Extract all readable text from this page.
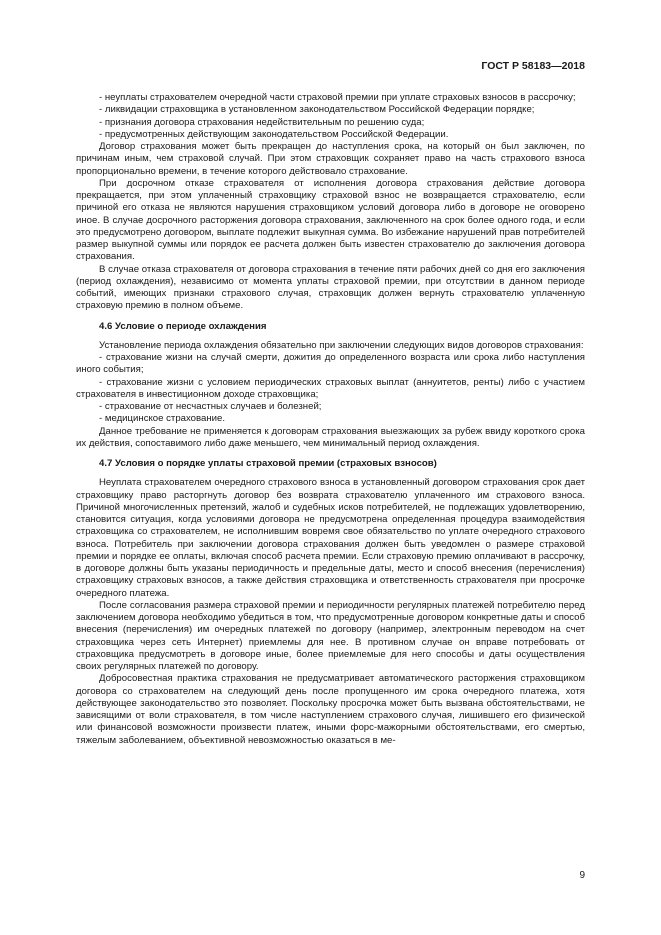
ГОСТ Р 58183—2018

- неуплаты страхователем очередной части страховой премии при уплате страховых взносов в рассрочку;

- ликвидации страховщика в установленном законодательством Российской Федерации порядке;

- признания договора страхования недействительным по решению суда;

- предусмотренных действующим законодательством Российской Федерации.

Договор страхования может быть прекращен до наступления срока, на который он был заключен, по причинам иным, чем страховой случай. При этом страховщик сохраняет право на часть страхового взноса пропорционально времени, в течение которого действовало страхование.

При досрочном отказе страхователя от исполнения договора страхования действие договора прекращается, при этом уплаченный страховщику страховой взнос не возвращается страхователю, если причиной его отказа не являются нарушения страховщиком условий договора либо в договоре не оговорено иное. В случае досрочного расторжения договора страхования, заключенного на срок более одного года, и если это предусмотрено договором, выплате подлежит выкупная сумма. Во избежание нарушений прав потребителей размер выкупной суммы или порядок ее расчета должен быть известен страхователю до заключения договора страхования.

В случае отказа страхователя от договора страхования в течение пяти рабочих дней со дня его заключения (период охлаждения), независимо от момента уплаты страховой премии, при отсутствии в данном периоде событий, имеющих признаки страхового случая, страховщик должен вернуть страхователю уплаченную страховую премию в полном объеме.

4.6 Условие о периоде охлаждения

Установление периода охлаждения обязательно при заключении следующих видов договоров страхования:

- страхование жизни на случай смерти, дожития до определенного возраста или срока либо наступления иного события;

- страхование жизни с условием периодических страховых выплат (аннуитетов, ренты) либо с участием страхователя в инвестиционном доходе страховщика;

- страхование от несчастных случаев и болезней;

- медицинское страхование.

Данное требование не применяется к договорам страхования выезжающих за рубеж ввиду короткого срока их действия, сопоставимого либо даже меньшего, чем минимальный период охлаждения.

4.7 Условия о порядке уплаты страховой премии (страховых взносов)

Неуплата страхователем очередного страхового взноса в установленный договором страхования срок дает страховщику право расторгнуть договор без возврата страхователю уплаченного им страхового взноса. Причиной многочисленных претензий, жалоб и судебных исков потребителей, не подлежащих удовлетворению, становится ситуация, когда условиями договора не предусмотрена определенная процедура взаимодействия страховщика со страхователем, не исполнившим вовремя свое обязательство по уплате очередного страхового взноса. Потребитель при заключении договора страхования должен быть уведомлен о размере страховой премии и порядке ее оплаты, включая способ расчета премии. Если страховую премию оплачивают в рассрочку, в договоре должны быть указаны периодичность и предельные даты, место и способ внесения (перечисления) страховщику страховых взносов, а также действия страховщика и ответственность страхователя при просрочке очередного платежа.

После согласования размера страховой премии и периодичности регулярных платежей потребителю перед заключением договора необходимо убедиться в том, что предусмотренные договором конкретные даты и способ внесения (перечисления) им очередных платежей по договору (например, электронным переводом на счет страховщика через сеть Интернет) приемлемы для нее. В противном случае он вправе потребовать от страховщика предусмотреть в договоре иные, более приемлемые для него способы и даты осуществления своих регулярных платежей по договору.

Добросовестная практика страхования не предусматривает автоматического расторжения страховщиком договора со страхователем на следующий день после пропущенного им срока очередного платежа, хотя действующее законодательство это позволяет. Поскольку просрочка может быть вызвана обстоятельствами, не зависящими от воли страхователя, в том числе наступлением страхового случая, лишившего его физической или финансовой возможности произвести платеж, иными форс-мажорными обстоятельствами, его смертью, тяжелым заболеванием, объективной невозможностью оказаться в ме-

9
